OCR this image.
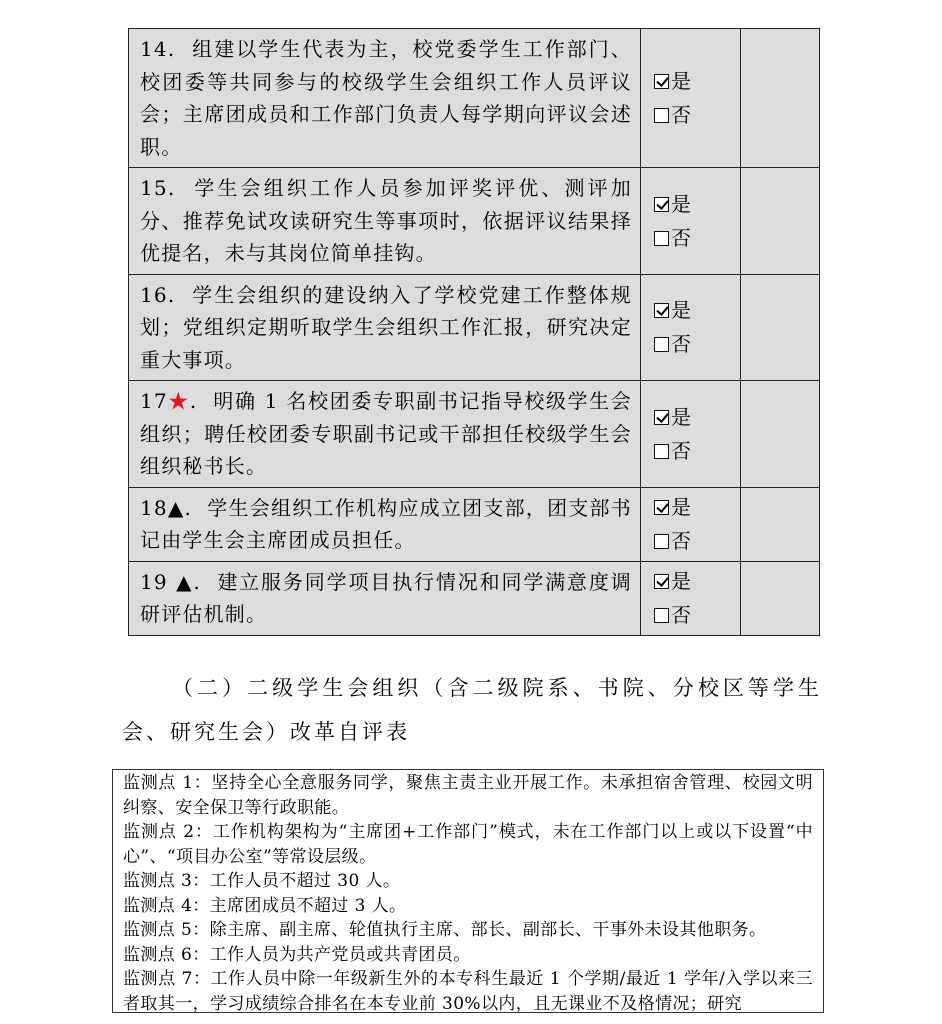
14. 组建以学生代表为主，校党委学生工作部门、校团委等共同参与的校级学生会组织工作人员评议会；主席团成员和工作部门负责人每学期向评议会述职。	是
否	

15. 学生会组织工作人员参加评奖评优、测评加分、推荐免试攻读研究生等事项时，依据评议结果择优提名，未与其岗位简单挂钩。	是
否	

16. 学生会组织的建设纳入了学校党建工作整体规划；党组织定期听取学生会组织工作汇报，研究决定重大事项。	是
否	

17★. 明确 1 名校团委专职副书记指导校级学生会组织；聘任校团委专职副书记或干部担任校级学生会组织秘书长。	是
否	

18▲. 学生会组织工作机构应成立团支部，团支部书记由学生会主席团成员担任。	是
否	

19 ▲. 建立服务同学项目执行情况和同学满意度调研评估机制。	是
否	

（二）二级学生会组织（含二级院系、书院、分校区等学生会、研究生会）改革自评表
监测点 1：坚持全心全意服务同学，聚焦主责主业开展工作。未承担宿舍管理、校园文明纠察、安全保卫等行政职能。
监测点 2：工作机构架构为“主席团+工作部门”模式，未在工作部门以上或以下设置“中心”、“项目办公室”等常设层级。
监测点 3：工作人员不超过 30 人。
监测点 4：主席团成员不超过 3 人。
监测点 5：除主席、副主席、轮值执行主席、部长、副部长、干事外未设其他职务。
监测点 6：工作人员为共产党员或共青团员。
监测点 7：工作人员中除一年级新生外的本专科生最近 1 个学期/最近 1 学年/入学以来三者取其一，学习成绩综合排名在本专业前 30%以内，且无课业不及格情况；研究
